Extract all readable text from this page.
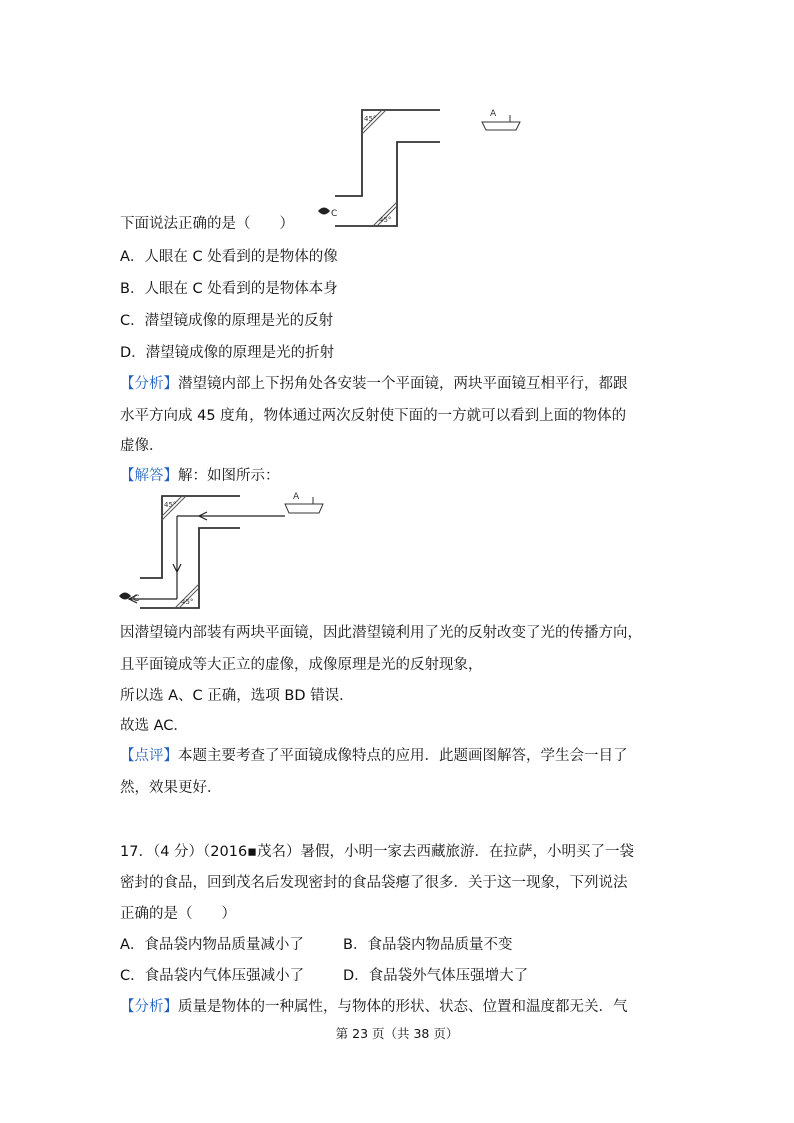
45°
45°
A
C
下面说法正确的是（　　）
A．人眼在 C 处看到的是物体的像
B．人眼在 C 处看到的是物体本身
C．潜望镜成像的原理是光的反射
D．潜望镜成像的原理是光的折射
【分析】潜望镜内部上下拐角处各安装一个平面镜，两块平面镜互相平行，都跟
水平方向成 45 度角，物体通过两次反射使下面的一方就可以看到上面的物体的
虚像．
【解答】解：如图所示：
45°
45°
A
C
因潜望镜内部装有两块平面镜，因此潜望镜利用了光的反射改变了光的传播方向，
且平面镜成等大正立的虚像，成像原理是光的反射现象，
所以选 A、C 正确，选项 BD 错误．
故选 AC．
【点评】本题主要考查了平面镜成像特点的应用．此题画图解答，学生会一目了
然，效果更好．
17．（4 分）（2016▪茂名）暑假，小明一家去西藏旅游．在拉萨，小明买了一袋
密封的食品，回到茂名后发现密封的食品袋瘪了很多．关于这一现象，下列说法
正确的是（　　）
A．食品袋内物品质量减小了	B．食品袋内物品质量不变
C．食品袋内气体压强减小了	D．食品袋外气体压强增大了
【分析】质量是物体的一种属性，与物体的形状、状态、位置和温度都无关．气
第 23 页（共 38 页）
